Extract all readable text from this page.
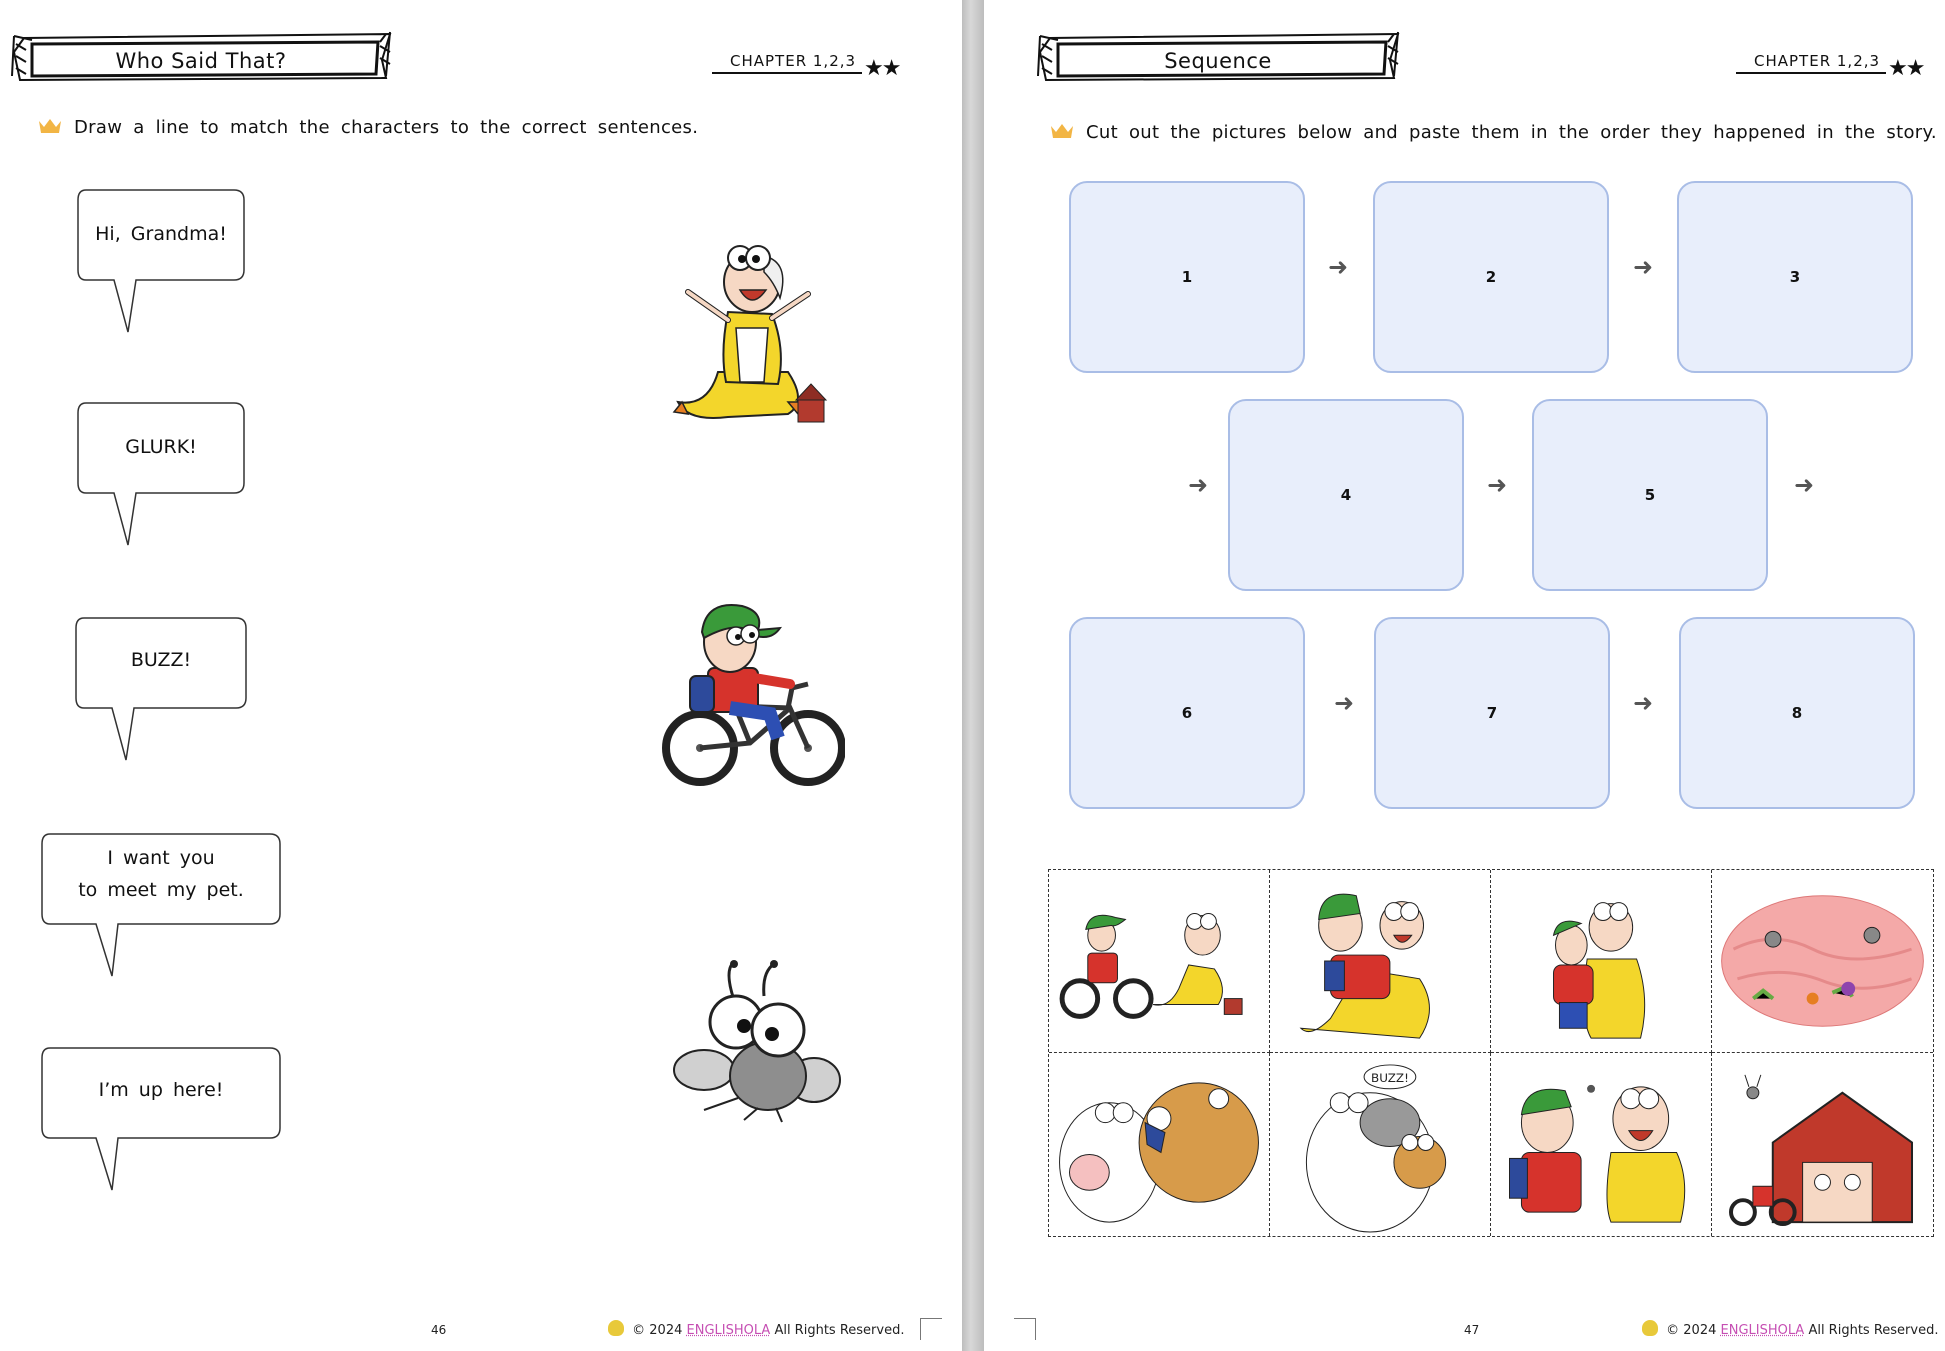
Who Said That?	CHAPTER 1,2,3 ★★
Draw a line to match the characters to the correct sentences.
Hi, Grandma!
GLURK!
BUZZ!
I want you
to meet my pet.
I’m up here!
46	© 2024 ENGLISHOLA All Rights Reserved.
Sequence	CHAPTER 1,2,3 ★★
Cut out the pictures below and paste them in the order they happened in the story.
1	2	3
4	5
6	7	8
➜	➜
➜	➜	➜
➜	➜
BUZZ!
47	© 2024 ENGLISHOLA All Rights Reserved.
